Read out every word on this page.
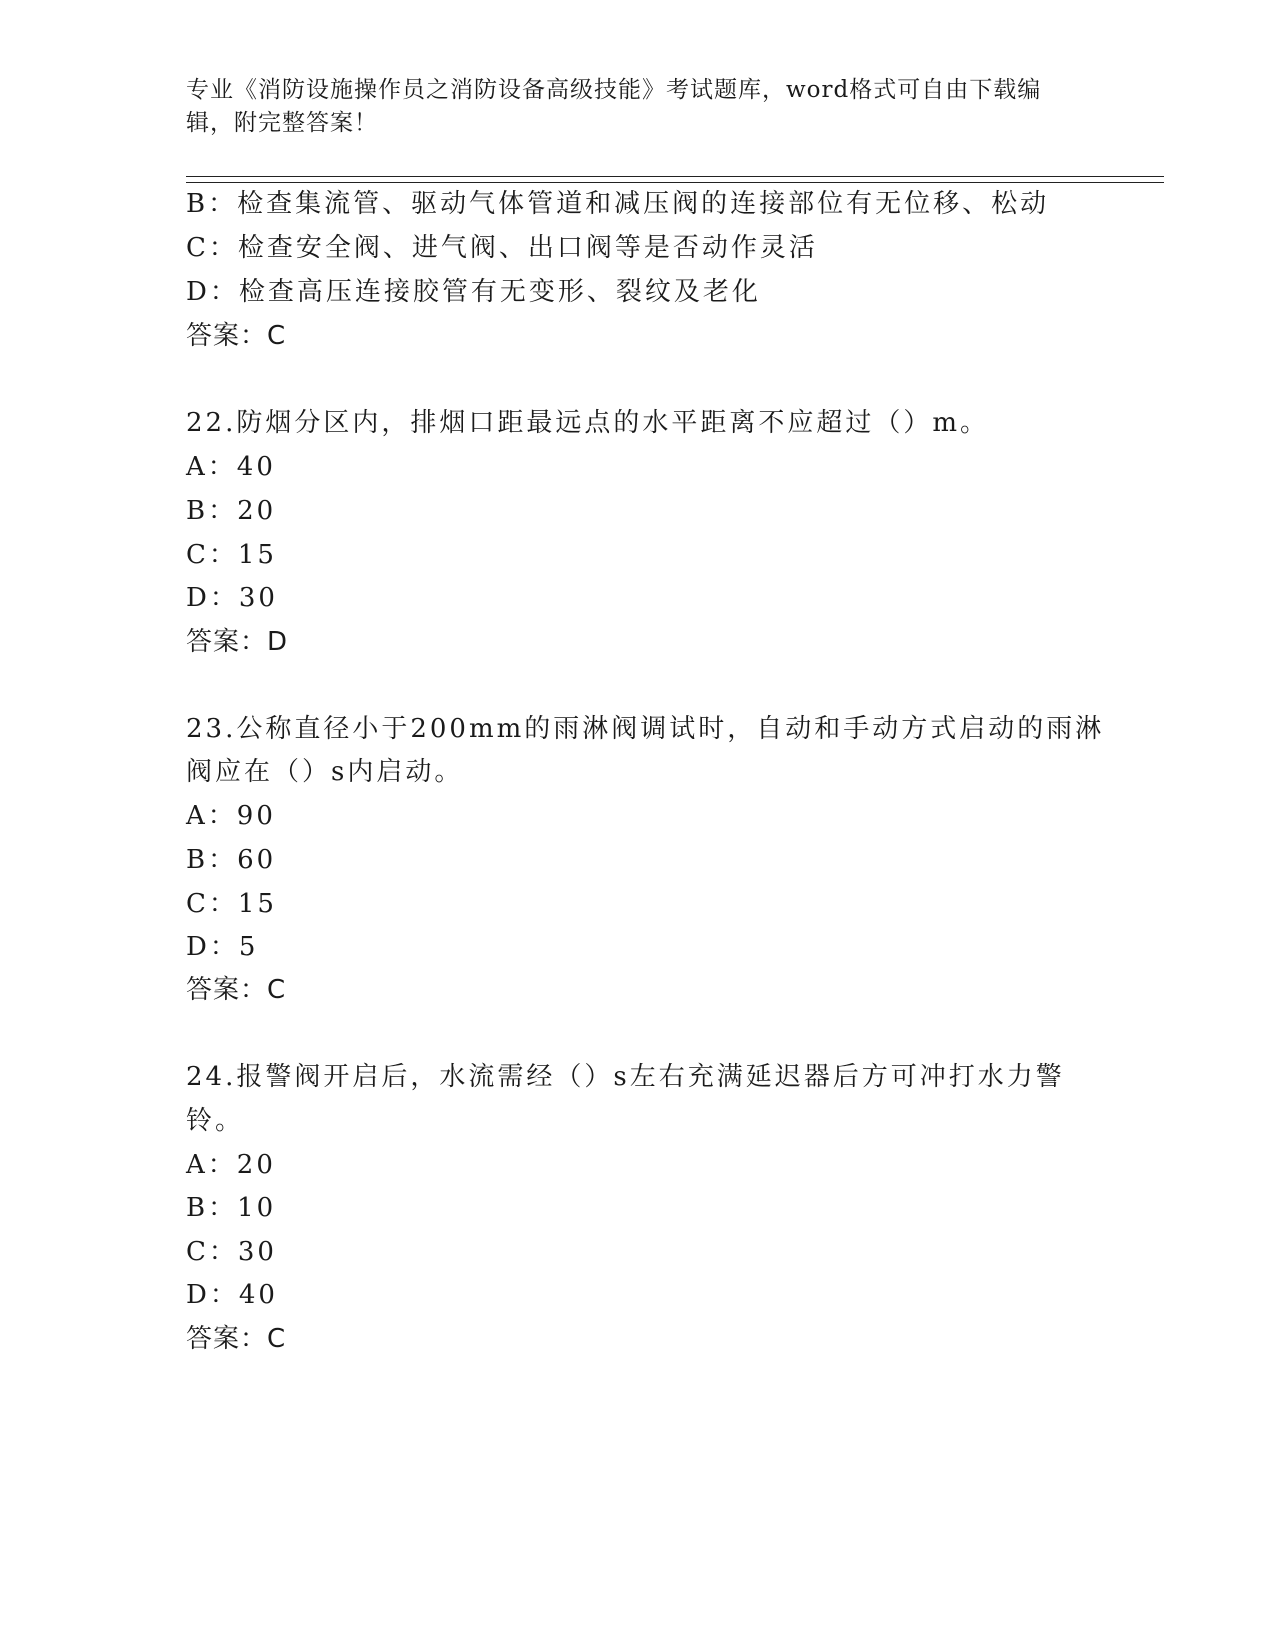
专业《消防设施操作员之消防设备高级技能》考试题库，word格式可自由下载编辑，附完整答案！
B：检查集流管、驱动气体管道和减压阀的连接部位有无位移、松动
C：检查安全阀、进气阀、出口阀等是否动作灵活
D：检查高压连接胶管有无变形、裂纹及老化
答案：C
22.防烟分区内，排烟口距最远点的水平距离不应超过（）m。
A：40
B：20
C：15
D：30
答案：D
23.公称直径小于200mm的雨淋阀调试时，自动和手动方式启动的雨淋
阀应在（）s内启动。
A：90
B：60
C：15
D：5
答案：C
24.报警阀开启后，水流需经（）s左右充满延迟器后方可冲打水力警
铃。
A：20
B：10
C：30
D：40
答案：C
